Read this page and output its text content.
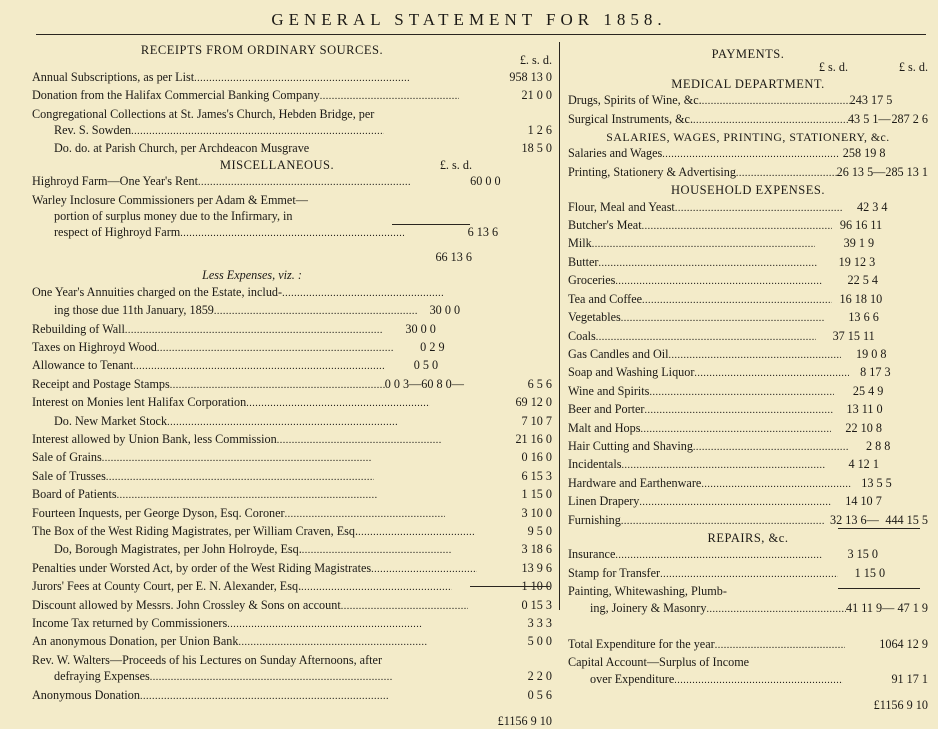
GENERAL STATEMENT FOR 1858.
RECEIPTS FROM ORDINARY SOURCES.
£. s. d.
Annual Subscriptions, as per List . . .	958 13 0
Donation from the Halifax Commercial Banking Company . . .	21 0 0
Congregational Collections at St. James's Church, Hebden Bridge, per
Rev. S. Sowden . . .	1 2 6
Do. do. at Parish Church, per Archdeacon Musgrave	18 5 0
MISCELLANEOUS.	£. s. d.
Highroyd Farm—One Year's Rent . . .	60 0 0
Warley Inclosure Commissioners per Adam & Emmet—
portion of surplus money due to the Infirmary, in
respect of Highroyd Farm . . .	6 13 6
66 13 6
Less Expenses, viz. :
One Year's Annuities charged on the Estate, includ-
. . .
ing those due 11th January, 1859 . . .	30 0 0
Rebuilding of Wall . . .	30 0 0
Taxes on Highroyd Wood . . .	0 2 9
Allowance to Tenant . . .	0 5 0
Receipt and Postage Stamps . . .	0 0 3—60 8 0—	6 5 6
Interest on Monies lent Halifax Corporation . . .	69 12 0
Do. New Market Stock . . .	7 10 7
Interest allowed by Union Bank, less Commission . . .	21 16 0
Sale of Grains . . .	0 16 0
Sale of Trusses . . .	6 15 3
Board of Patients . . .	1 15 0
Fourteen Inquests, per George Dyson, Esq. Coroner . . .	3 10 0
The Box of the West Riding Magistrates, per William Craven, Esq. . . .	9 5 0
Do, Borough Magistrates, per John Holroyde, Esq. . . .	3 18 6
Penalties under Worsted Act, by order of the West Riding Magistrates . . .	13 9 6
Jurors' Fees at County Court, per E. N. Alexander, Esq. . . .	1 10 0
Discount allowed by Messrs. John Crossley & Sons on account . . .	0 15 3
Income Tax returned by Commissioners . . .	3 3 3
An anonymous Donation, per Union Bank . . .	5 0 0
Rev. W. Walters—Proceeds of his Lectures on Sunday Afternoons, after
defraying Expenses . . .	2 2 0
Anonymous Donation . . .	0 5 6
£1156 9 10
PAYMENTS.
£ s. d.	£ s. d.
MEDICAL DEPARTMENT.
Drugs, Spirits of Wine, &c. . . .	243 17 5
Surgical Instruments, &c. . . .	43 5 1— 287 2 6
SALARIES, WAGES, PRINTING, STATIONERY, &c.
Salaries and Wages . . .	258 19 8
Printing, Stationery & Advertising . . .	26 13 5— 285 13 1
HOUSEHOLD EXPENSES.
Flour, Meal and Yeast . . .	42 3 4
Butcher's Meat . . .	96 16 11
Milk . . .	39 1 9
Butter . . .	19 12 3
Groceries . . .	22 5 4
Tea and Coffee . . .	16 18 10
Vegetables . . .	13 6 6
Coals . . .	37 15 11
Gas Candles and Oil . . .	19 0 8
Soap and Washing Liquor . . .	8 17 3
Wine and Spirits . . .	25 4 9
Beer and Porter . . .	13 11 0
Malt and Hops . . .	22 10 8
Hair Cutting and Shaving . . .	2 8 8
Incidentals . . .	4 12 1
Hardware and Earthenware . . .	13 5 5
Linen Drapery . . .	14 10 7
Furnishing . . .	32 13 6— 444 15 5
REPAIRS, &c.
Insurance . . .	3 15 0
Stamp for Transfer . . .	1 15 0
Painting, Whitewashing, Plumb-
ing, Joinery & Masonry . . .	41 11 9— 47 1 9
Total Expenditure for the year . . .	1064 12 9
Capital Account—Surplus of Income
over Expenditure . . .	91 17 1
£1156 9 10
